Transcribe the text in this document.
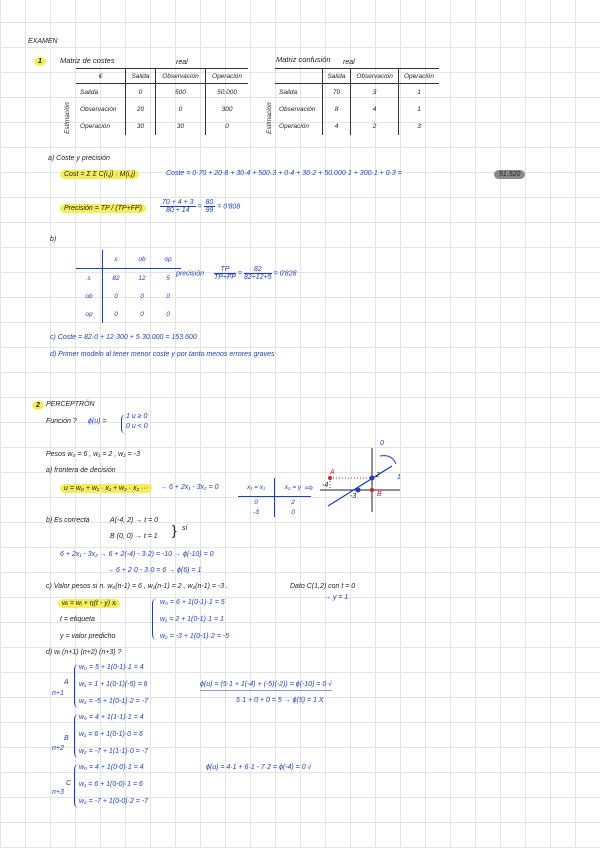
EXAMEN
1	Matriz de costes	real
Estimación
€	Salida	Observación	Operación
Salida	0	500	50.000
Observación	20	0	300
Operación	30	30	0
Matriz confusión real
Estimación
	Salida	Observación	Operación
Salida	70	3	1
Observación	8	4	1
Operación	4	2	3
a) Coste y precisión
Cost = Σ Σ C(i,j) · M(i,j)	Coste = 0·70 + 20·8 + 30·4 + 500·3 + 0·4 + 30·2 + 50.000·1 + 300·1 + 0·3 =	51.520
Precisión = TP / (TP+FP)	$\frac{70 + 4 + 3}{80 + 14} = \frac{80}{99} = 0'808$
b)
	s	ob	op
s	82	12	5
ob	0	0	0
op	0	0	0
precisión $\frac{TP}{TP+FP} = \frac{82}{82+12+5} = 0'828$
c) Coste = 82·0 + 12·300 + 5·30.000 = 153.600
d) Primer modelo al tener menor coste y por tanto menos errores graves
2 PERCEPTRÓN
Función ? ϕ(u) =
1 u ≥ 0
0 u < 0
Pesos w₀ = 6 , w₁ = 2 , w₂ = -3
a) frontera de decisión
u = w₀ + w₁ · x₁ + w₂ · x₂ ···	→ 6 + 2x₁ - 3x₂ = 0	x₁ = x₁	x₂ = y
0	2
-3	0
⇨
0
1
A
B
-3
2
-4
b) Es correcta	A(-4, 2) → t = 0
B (0, 0) → t = 1 } sí
6 + 2x₁ - 3x₂ → 6 + 2(-4) - 3·2) = -10 → ϕ(-10) = 0
→ 6 + 2·0 - 3·0 = 6 → ϕ(6) = 1
c) Valor pesos si n. w₀(n-1) = 6 , w₁(n-1) = 2 , w₂(n-1) = -3 .	Dato C(1,2) con t = 0
→ y = 1
wᵢ = wᵢ + η(t - y) xᵢ
t = etiqueta
y = valor predicho
w₀ = 6 + 1(0-1)·1 = 5
w₁ = 2 + 1(0-1)·1 = 1
w₂ = -3 + 1(0-1)·2 = -5
d) wᵢ (n+1) (n+2) (n+3) ?
A
n+1
w₀ = 5 + 1(0-1)·1 = 4
w₁ = 1 + 1(0-1)(-5) = 6
w₂ = -5 + 1(0-1)·2 = -7
B
n+2
w₀ = 4 + 1(1-1)·1 = 4
w₁ = 6 + 1(0-1)·0 = 6
w₂ = -7 + 1(1-1)·0 = -7
C
n+3
w₀ = 4 + 1(0-0)·1 = 4
w₁ = 6 + 1(0-0)·1 = 6
w₂ = -7 + 1(0-0)·2 = -7
ϕ(u) = (5·1 + 1(-4) + (-5)(-2)) = ϕ(-10) = 0 √
5·1 + 0 + 0 = 5 → ϕ(5) = 1 X
ϕ(u) = 4·1 + 6·1 - 7·2 = ϕ(-4) = 0 √
